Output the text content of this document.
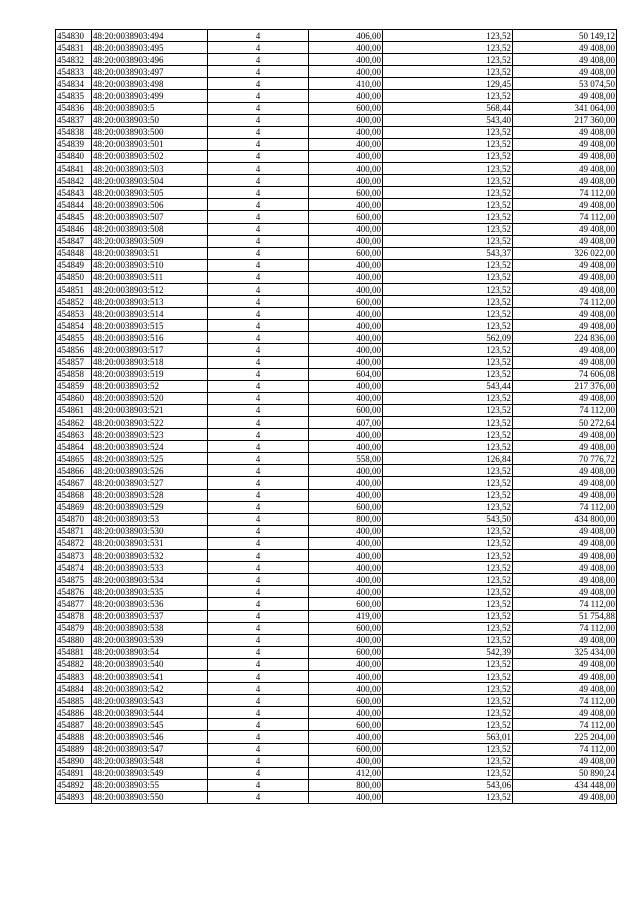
454830	48:20:0038903:494	4	406,00	123,52	50 149,12
454831	48:20:0038903:495	4	400,00	123,52	49 408,00
454832	48:20:0038903:496	4	400,00	123,52	49 408,00
454833	48:20:0038903:497	4	400,00	123,52	49 408,00
454834	48:20:0038903:498	4	410,00	129,45	53 074,50
454835	48:20:0038903:499	4	400,00	123,52	49 408,00
454836	48:20:0038903:5	4	600,00	568,44	341 064,00
454837	48:20:0038903:50	4	400,00	543,40	217 360,00
454838	48:20:0038903:500	4	400,00	123,52	49 408,00
454839	48:20:0038903:501	4	400,00	123,52	49 408,00
454840	48:20:0038903:502	4	400,00	123,52	49 408,00
454841	48:20:0038903:503	4	400,00	123,52	49 408,00
454842	48:20:0038903:504	4	400,00	123,52	49 408,00
454843	48:20:0038903:505	4	600,00	123,52	74 112,00
454844	48:20:0038903:506	4	400,00	123,52	49 408,00
454845	48:20:0038903:507	4	600,00	123,52	74 112,00
454846	48:20:0038903:508	4	400,00	123,52	49 408,00
454847	48:20:0038903:509	4	400,00	123,52	49 408,00
454848	48:20:0038903:51	4	600,00	543,37	326 022,00
454849	48:20:0038903:510	4	400,00	123,52	49 408,00
454850	48:20:0038903:511	4	400,00	123,52	49 408,00
454851	48:20:0038903:512	4	400,00	123,52	49 408,00
454852	48:20:0038903:513	4	600,00	123,52	74 112,00
454853	48:20:0038903:514	4	400,00	123,52	49 408,00
454854	48:20:0038903:515	4	400,00	123,52	49 408,00
454855	48:20:0038903:516	4	400,00	562,09	224 836,00
454856	48:20:0038903:517	4	400,00	123,52	49 408,00
454857	48:20:0038903:518	4	400,00	123,52	49 408,00
454858	48:20:0038903:519	4	604,00	123,52	74 606,08
454859	48:20:0038903:52	4	400,00	543,44	217 376,00
454860	48:20:0038903:520	4	400,00	123,52	49 408,00
454861	48:20:0038903:521	4	600,00	123,52	74 112,00
454862	48:20:0038903:522	4	407,00	123,52	50 272,64
454863	48:20:0038903:523	4	400,00	123,52	49 408,00
454864	48:20:0038903:524	4	400,00	123,52	49 408,00
454865	48:20:0038903:525	4	558,00	126,84	70 776,72
454866	48:20:0038903:526	4	400,00	123,52	49 408,00
454867	48:20:0038903:527	4	400,00	123,52	49 408,00
454868	48:20:0038903:528	4	400,00	123,52	49 408,00
454869	48:20:0038903:529	4	600,00	123,52	74 112,00
454870	48:20:0038903:53	4	800,00	543,50	434 800,00
454871	48:20:0038903:530	4	400,00	123,52	49 408,00
454872	48:20:0038903:531	4	400,00	123,52	49 408,00
454873	48:20:0038903:532	4	400,00	123,52	49 408,00
454874	48:20:0038903:533	4	400,00	123,52	49 408,00
454875	48:20:0038903:534	4	400,00	123,52	49 408,00
454876	48:20:0038903:535	4	400,00	123,52	49 408,00
454877	48:20:0038903:536	4	600,00	123,52	74 112,00
454878	48:20:0038903:537	4	419,00	123,52	51 754,88
454879	48:20:0038903:538	4	600,00	123,52	74 112,00
454880	48:20:0038903:539	4	400,00	123,52	49 408,00
454881	48:20:0038903:54	4	600,00	542,39	325 434,00
454882	48:20:0038903:540	4	400,00	123,52	49 408,00
454883	48:20:0038903:541	4	400,00	123,52	49 408,00
454884	48:20:0038903:542	4	400,00	123,52	49 408,00
454885	48:20:0038903:543	4	600,00	123,52	74 112,00
454886	48:20:0038903:544	4	400,00	123,52	49 408,00
454887	48:20:0038903:545	4	600,00	123,52	74 112,00
454888	48:20:0038903:546	4	400,00	563,01	225 204,00
454889	48:20:0038903:547	4	600,00	123,52	74 112,00
454890	48:20:0038903:548	4	400,00	123,52	49 408,00
454891	48:20:0038903:549	4	412,00	123,52	50 890,24
454892	48:20:0038903:55	4	800,00	543,06	434 448,00
454893	48:20:0038903:550	4	400,00	123,52	49 408,00
